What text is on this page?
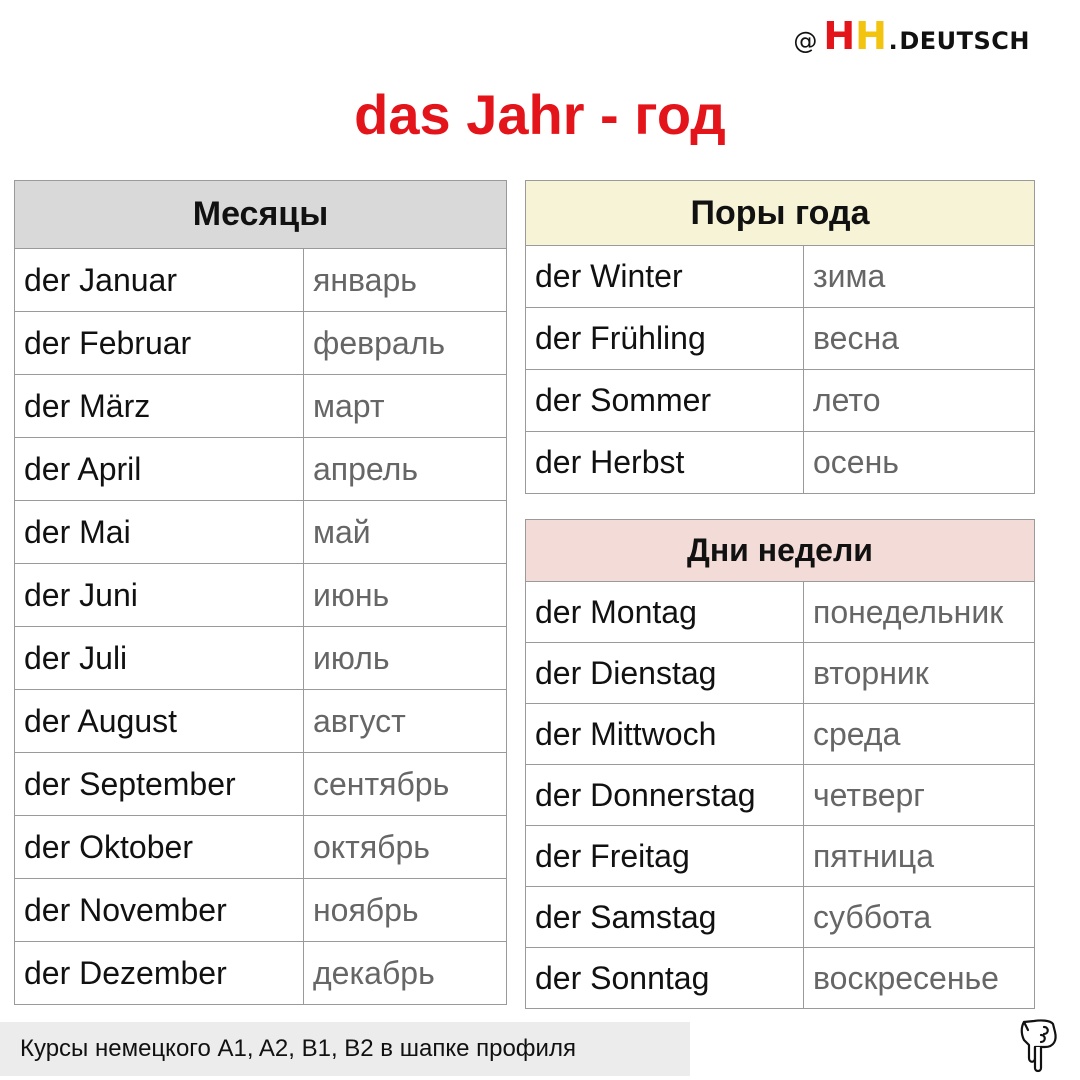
@ H H . DEUTSCH
das Jahr - год
Месяцы	
der Januar	январь
der Februar	февраль
der März	март
der April	апрель
der Mai	май
der Juni	июнь
der Juli	июль
der August	август
der September	сентябрь
der Oktober	октябрь
der November	ноябрь
der Dezember	декабрь
Поры года	
der Winter	зима
der Frühling	весна
der Sommer	лето
der Herbst	осень
Дни недели	
der Montag	понедельник
der Dienstag	вторник
der Mittwoch	среда
der Donnerstag	четверг
der Freitag	пятница
der Samstag	суббота
der Sonntag	воскресенье
Курсы немецкого A1, A2, B1, B2 в шапке профиля
